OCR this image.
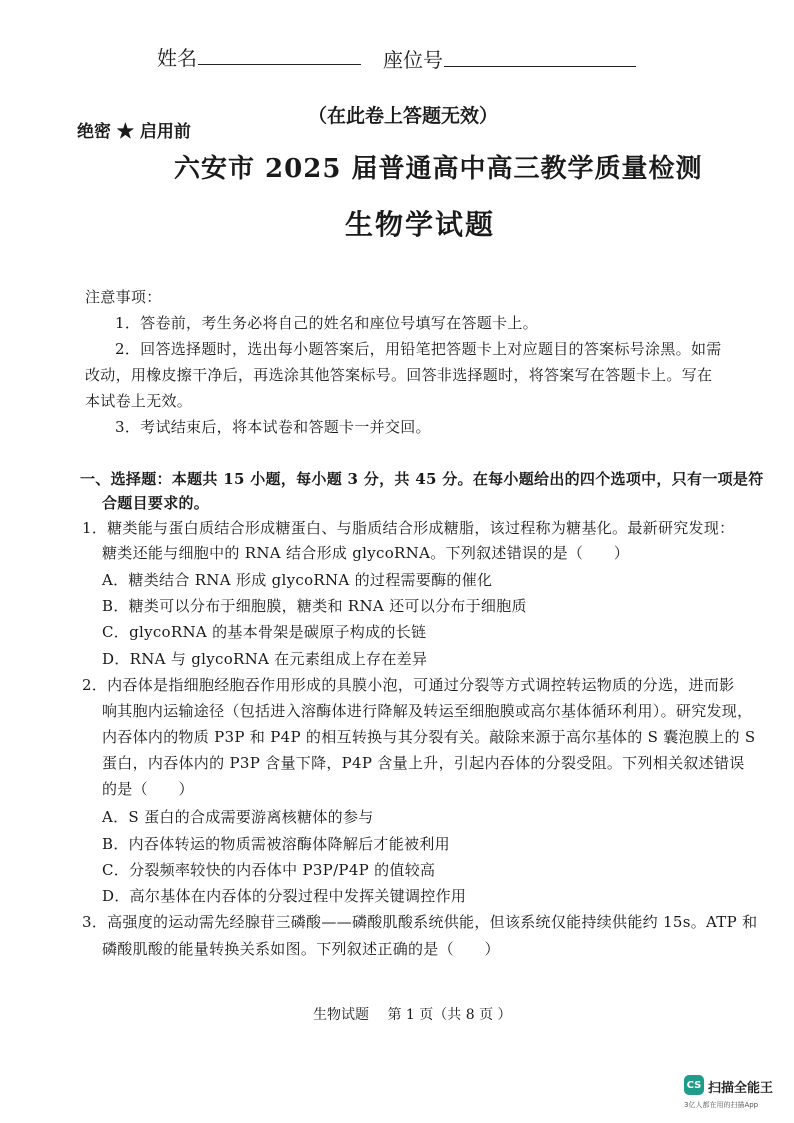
姓名	座位号
（在此卷上答题无效）
绝密 ★ 启用前
六安市 2025 届普通高中高三教学质量检测
生物学试题
注意事项：
1．答卷前，考生务必将自己的姓名和座位号填写在答题卡上。
2．回答选择题时，选出每小题答案后，用铅笔把答题卡上对应题目的答案标号涂黑。如需
改动，用橡皮擦干净后，再选涂其他答案标号。回答非选择题时，将答案写在答题卡上。写在
本试卷上无效。
3．考试结束后，将本试卷和答题卡一并交回。
一、选择题：本题共 15 小题，每小题 3 分，共 45 分。在每小题给出的四个选项中，只有一项是符
合题目要求的。
1．糖类能与蛋白质结合形成糖蛋白、与脂质结合形成糖脂，该过程称为糖基化。最新研究发现：
糖类还能与细胞中的 RNA 结合形成 glycoRNA。下列叙述错误的是（　　）
A．糖类结合 RNA 形成 glycoRNA 的过程需要酶的催化
B．糖类可以分布于细胞膜，糖类和 RNA 还可以分布于细胞质
C．glycoRNA 的基本骨架是碳原子构成的长链
D．RNA 与 glycoRNA 在元素组成上存在差异
2．内吞体是指细胞经胞吞作用形成的具膜小泡，可通过分裂等方式调控转运物质的分选，进而影
响其胞内运输途径（包括进入溶酶体进行降解及转运至细胞膜或高尔基体循环利用）。研究发现，
内吞体内的物质 P3P 和 P4P 的相互转换与其分裂有关。敲除来源于高尔基体的 S 囊泡膜上的 S
蛋白，内吞体内的 P3P 含量下降，P4P 含量上升，引起内吞体的分裂受阻。下列相关叙述错误
的是（　　）
A．S 蛋白的合成需要游离核糖体的参与
B．内吞体转运的物质需被溶酶体降解后才能被利用
C．分裂频率较快的内吞体中 P3P/P4P 的值较高
D．高尔基体在内吞体的分裂过程中发挥关键调控作用
3．高强度的运动需先经腺苷三磷酸——磷酸肌酸系统供能，但该系统仅能持续供能约 15s。ATP 和
磷酸肌酸的能量转换关系如图。下列叙述正确的是（　　）
生物试题　 第 1 页（共 8 页 ）
CS 扫描全能王
3亿人都在用的扫描App
